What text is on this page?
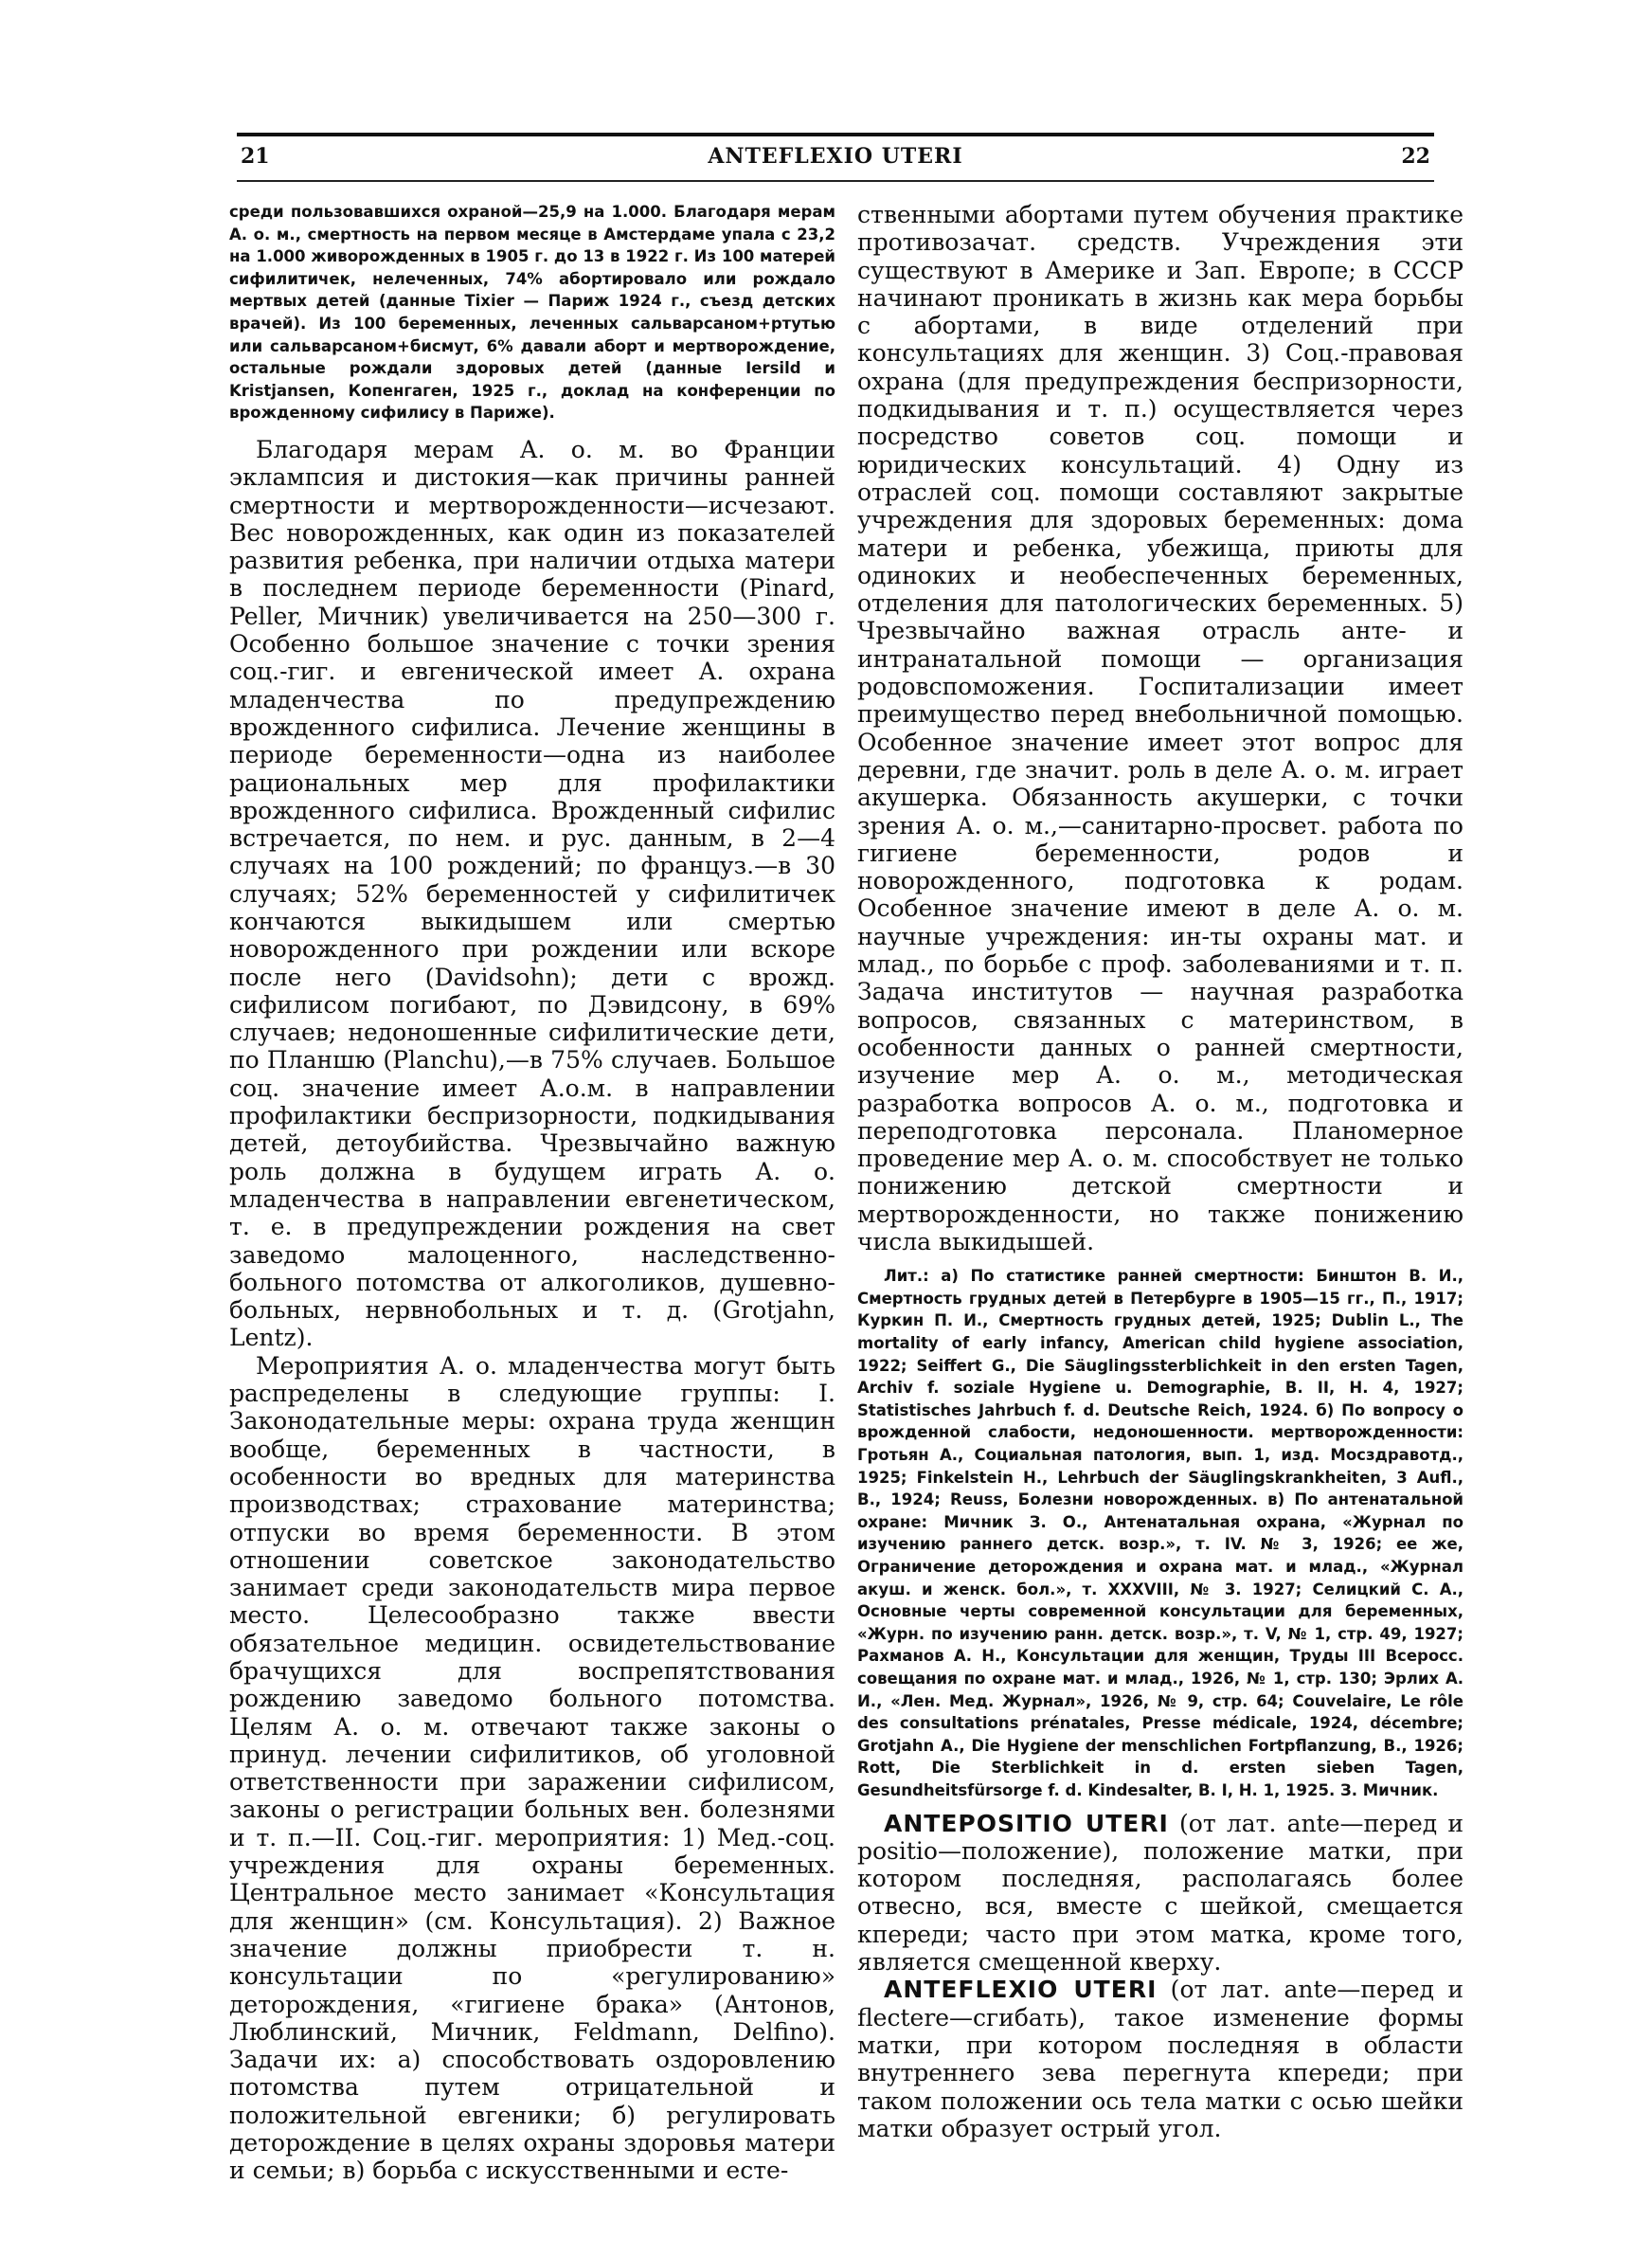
21	ANTEFLEXIO UTERI	22

среди пользовавшихся охраной—25,9 на 1.000. Благодаря мерам А. о. м., смертность на первом месяце в Амстердаме упала с 23,2 на 1.000 живорожденных в 1905 г. до 13 в 1922 г. Из 100 матерей сифилитичек, нелеченных, 74% абортировало или рождало мертвых детей (данные Tixier — Париж 1924 г., съезд детских врачей). Из 100 беременных, леченных сальварсаном+ртутью или сальварсаном+бисмут, 6% давали аборт и мертворождение, остальные рождали здоровых детей (данные Iersild и Kristjansen, Копенгаген, 1925 г., доклад на конференции по врожденному сифилису в Париже).

Благодаря мерам А. о. м. во Франции эклампсия и дистокия—как причины ранней смертности и мертворожденности—исчезают. Вес новорожденных, как один из показателей развития ребенка, при наличии отдыха матери в последнем периоде беременности (Pinard, Peller, Мичник) увеличивается на 250—300 г. Особенно большое значение с точки зрения соц.-гиг. и евгенической имеет А. охрана младенчества по предупреждению врожденного сифилиса. Лечение женщины в периоде беременности—одна из наиболее рациональных мер для профилактики врожденного сифилиса. Врожденный сифилис встречается, по нем. и рус. данным, в 2—4 случаях на 100 рождений; по француз.—в 30 случаях; 52% беременностей у сифилитичек кончаются выкидышем или смертью новорожденного при рождении или вскоре после него (Davidsohn); дети с врожд. сифилисом погибают, по Дэвидсону, в 69% случаев; недоношенные сифилитические дети, по Планшю (Planchu),—в 75% случаев. Большое соц. значение имеет А.о.м. в направлении профилактики беспризорности, подкидывания детей, детоубийства. Чрезвычайно важную роль должна в будущем играть А. о. младенчества в направлении евгенетическом, т. е. в предупреждении рождения на свет заведомо малоценного, наследственно-больного потомства от алкоголиков, душевно-больных, нервнобольных и т. д. (Grotjahn, Lentz).

Мероприятия А. о. младенчества могут быть распределены в следующие группы: I. Законодательные меры: охрана труда женщин вообще, беременных в частности, в особенности во вредных для материнства производствах; страхование материнства; отпуски во время беременности. В этом отношении советское законодательство занимает среди законодательств мира первое место. Целесообразно также ввести обязательное медицин. освидетельствование брачущихся для воспрепятствования рождению заведомо больного потомства. Целям А. о. м. отвечают также законы о принуд. лечении сифилитиков, об уголовной ответственности при заражении сифилисом, законы о регистрации больных вен. болезнями и т. п.—II. Соц.-гиг. мероприятия: 1) Мед.-соц. учреждения для охраны беременных. Центральное место занимает «Консультация для женщин» (см. Консультация). 2) Важное значение должны приобрести т. н. консультации по «регулированию» деторождения, «гигиене брака» (Антонов, Люблинский, Мичник, Feldmann, Delfino). Задачи их: а) способствовать оздоровлению потомства путем отрицательной и положительной евгеники; б) регулировать деторождение в целях охраны здоровья матери и семьи; в) борьба с искусственными и есте-

ственными абортами путем обучения практике противозачат. средств. Учреждения эти существуют в Америке и Зап. Европе; в СССР начинают проникать в жизнь как мера борьбы с абортами, в виде отделений при консультациях для женщин. 3) Соц.-правовая охрана (для предупреждения беспризорности, подкидывания и т. п.) осуществляется через посредство советов соц. помощи и юридических консультаций. 4) Одну из отраслей соц. помощи составляют закрытые учреждения для здоровых беременных: дома матери и ребенка, убежища, приюты для одиноких и необеспеченных беременных, отделения для патологических беременных. 5) Чрезвычайно важная отрасль анте- и интранатальной помощи — организация родовспоможения. Госпитализации имеет преимущество перед внебольничной помощью. Особенное значение имеет этот вопрос для деревни, где значит. роль в деле А. о. м. играет акушерка. Обязанность акушерки, с точки зрения А. о. м.,—санитарно-просвет. работа по гигиене беременности, родов и новорожденного, подготовка к родам. Особенное значение имеют в деле А. о. м. научные учреждения: ин-ты охраны мат. и млад., по борьбе с проф. заболеваниями и т. п. Задача институтов — научная разработка вопросов, связанных с материнством, в особенности данных о ранней смертности, изучение мер А. о. м., методическая разработка вопросов А. о. м., подготовка и переподготовка персонала. Планомерное проведение мер А. о. м. способствует не только понижению детской смертности и мертворожденности, но также понижению числа выкидышей.

Лит.: а) По статистике ранней смертности: Бинштон В. И., Смертность грудных детей в Петербурге в 1905—15 гг., П., 1917; Куркин П. И., Смертность грудных детей, 1925; Dublin L., The mortality of early infancy, American child hygiene association, 1922; Seiffert G., Die Säuglingssterblichkeit in den ersten Tagen, Archiv f. soziale Hygiene u. Demographie, B. II, H. 4, 1927; Statistisches Jahrbuch f. d. Deutsche Reich, 1924. б) По вопросу о врожденной слабости, недоношенности. мертворожденности: Гротьян А., Социальная патология, вып. 1, изд. Мосздравотд., 1925; Finkelstein H., Lehrbuch der Säuglingskrankheiten, 3 Aufl., B., 1924; Reuss, Болезни новорожденных. в) По антенатальной охране: Мичник З. О., Антенатальная охрана, «Журнал по изучению раннего детск. возр.», т. IV. № 3, 1926; ее же, Ограничение деторождения и охрана мат. и млад., «Журнал акуш. и женск. бол.», т. XXXVIII, № 3. 1927; Селицкий С. А., Основные черты современной консультации для беременных, «Журн. по изучению ранн. детск. возр.», т. V, № 1, стр. 49, 1927; Рахманов А. Н., Консультации для женщин, Труды III Всеросс. совещания по охране мат. и млад., 1926, № 1, стр. 130; Эрлих А. И., «Лен. Мед. Журнал», 1926, № 9, стр. 64; Couvelaire, Le rôle des consultations prénatales, Presse médicale, 1924, décembre; Grotjahn A., Die Hygiene der menschlichen Fortpflanzung, B., 1926; Rott, Die Sterblichkeit in d. ersten sieben Tagen, Gesundheitsfürsorge f. d. Kindesalter, B. I, H. 1, 1925. З. Мичник.

ANTEPOSITIO UTERI (от лат. ante—перед и positio—положение), положение матки, при котором последняя, располагаясь более отвесно, вся, вместе с шейкой, смещается кпереди; часто при этом матка, кроме того, является смещенной кверху.

ANTEFLEXIO UTERI (от лат. ante—перед и flectere—сгибать), такое изменение формы матки, при котором последняя в области внутреннего зева перегнута кпереди; при таком положении ось тела матки с осью шейки матки образует острый угол.
